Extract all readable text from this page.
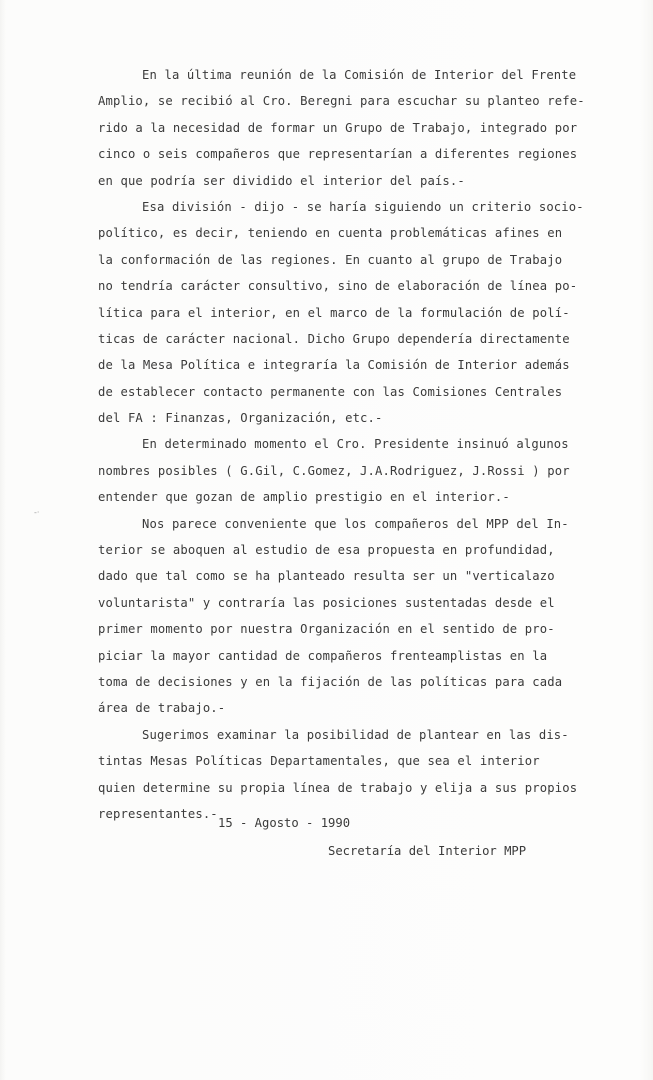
-·
En la última reunión de la Comisión de Interior del Frente
Amplio, se recibió al Cro. Beregni para escuchar su planteo refe-
rido a la necesidad de formar un Grupo de Trabajo, integrado por
cinco o seis compañeros que representarían a diferentes regiones
en que podría ser dividido el interior del país.-
Esa división - dijo - se haría siguiendo un criterio socio-
político, es decir, teniendo en cuenta problemáticas afines en
la conformación de las regiones. En cuanto al grupo de Trabajo
no tendría carácter consultivo, sino de elaboración de línea po-
lítica para el interior, en el marco de la formulación de polí-
ticas de carácter nacional. Dicho Grupo dependería directamente
de la Mesa Política e integraría la Comisión de Interior además
de establecer contacto permanente con las Comisiones Centrales
del FA : Finanzas, Organización, etc.-
En determinado momento el Cro. Presidente insinuó algunos
nombres posibles ( G.Gil, C.Gomez, J.A.Rodriguez, J.Rossi ) por
entender que gozan de amplio prestigio en el interior.-
Nos parece conveniente que los compañeros del MPP del In-
terior se aboquen al estudio de esa propuesta en profundidad,
dado que tal como se ha planteado resulta ser un "verticalazo
voluntarista" y contraría las posiciones sustentadas desde el
primer momento por nuestra Organización en el sentido de pro-
piciar la mayor cantidad de compañeros frenteamplistas en la
toma de decisiones y en la fijación de las políticas para cada
área de trabajo.-
Sugerimos examinar la posibilidad de plantear en las dis-
tintas Mesas Políticas Departamentales, que sea el interior
quien determine su propia línea de trabajo y elija a sus propios
representantes.-
15 - Agosto - 1990
Secretaría del Interior MPP
